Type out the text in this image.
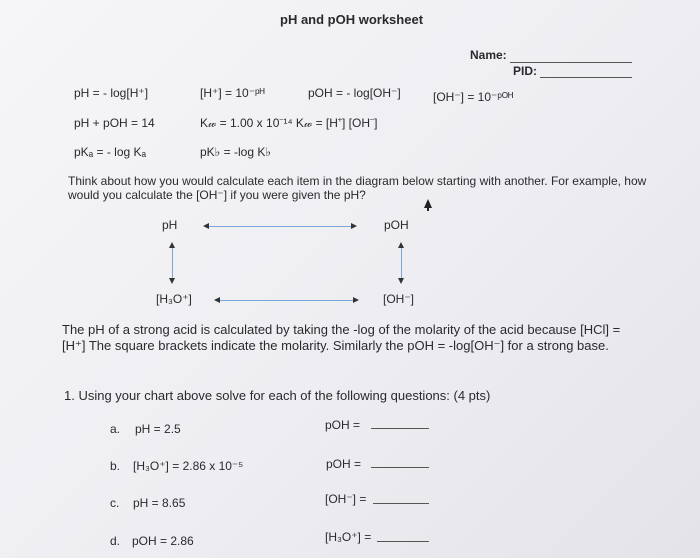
pH and pOH worksheet
Name:
PID:
pH = - log[H⁺]	[H⁺] = 10⁻ᵖᴴ	pOH = - log[OH⁻]	[OH⁻] = 10⁻ᵖᴼᴴ
pH + pOH = 14	K𝓌 = 1.00 x 10⁻¹⁴ K𝓌 = [H⁺] [OH⁻]
pKₐ = - log Kₐ	pK♭ = -log K♭
Think about how you would calculate each item in the diagram below starting with another. For example, how would you calculate the [OH⁻] if you were given the pH?
pH	pOH
[H₃O⁺]	[OH⁻]
The pH of a strong acid is calculated by taking the -log of the molarity of the acid because [HCl] = [H⁺] The square brackets indicate the molarity. Similarly the pOH = -log[OH⁻] for a strong base.
1. Using your chart above solve for each of the following questions: (4 pts)
a. pH = 2.5	pOH =
b. [H₃O⁺] = 2.86 x 10⁻⁵	pOH =
c. pH = 8.65	[OH⁻] =
d. pOH = 2.86	[H₃O⁺] =
